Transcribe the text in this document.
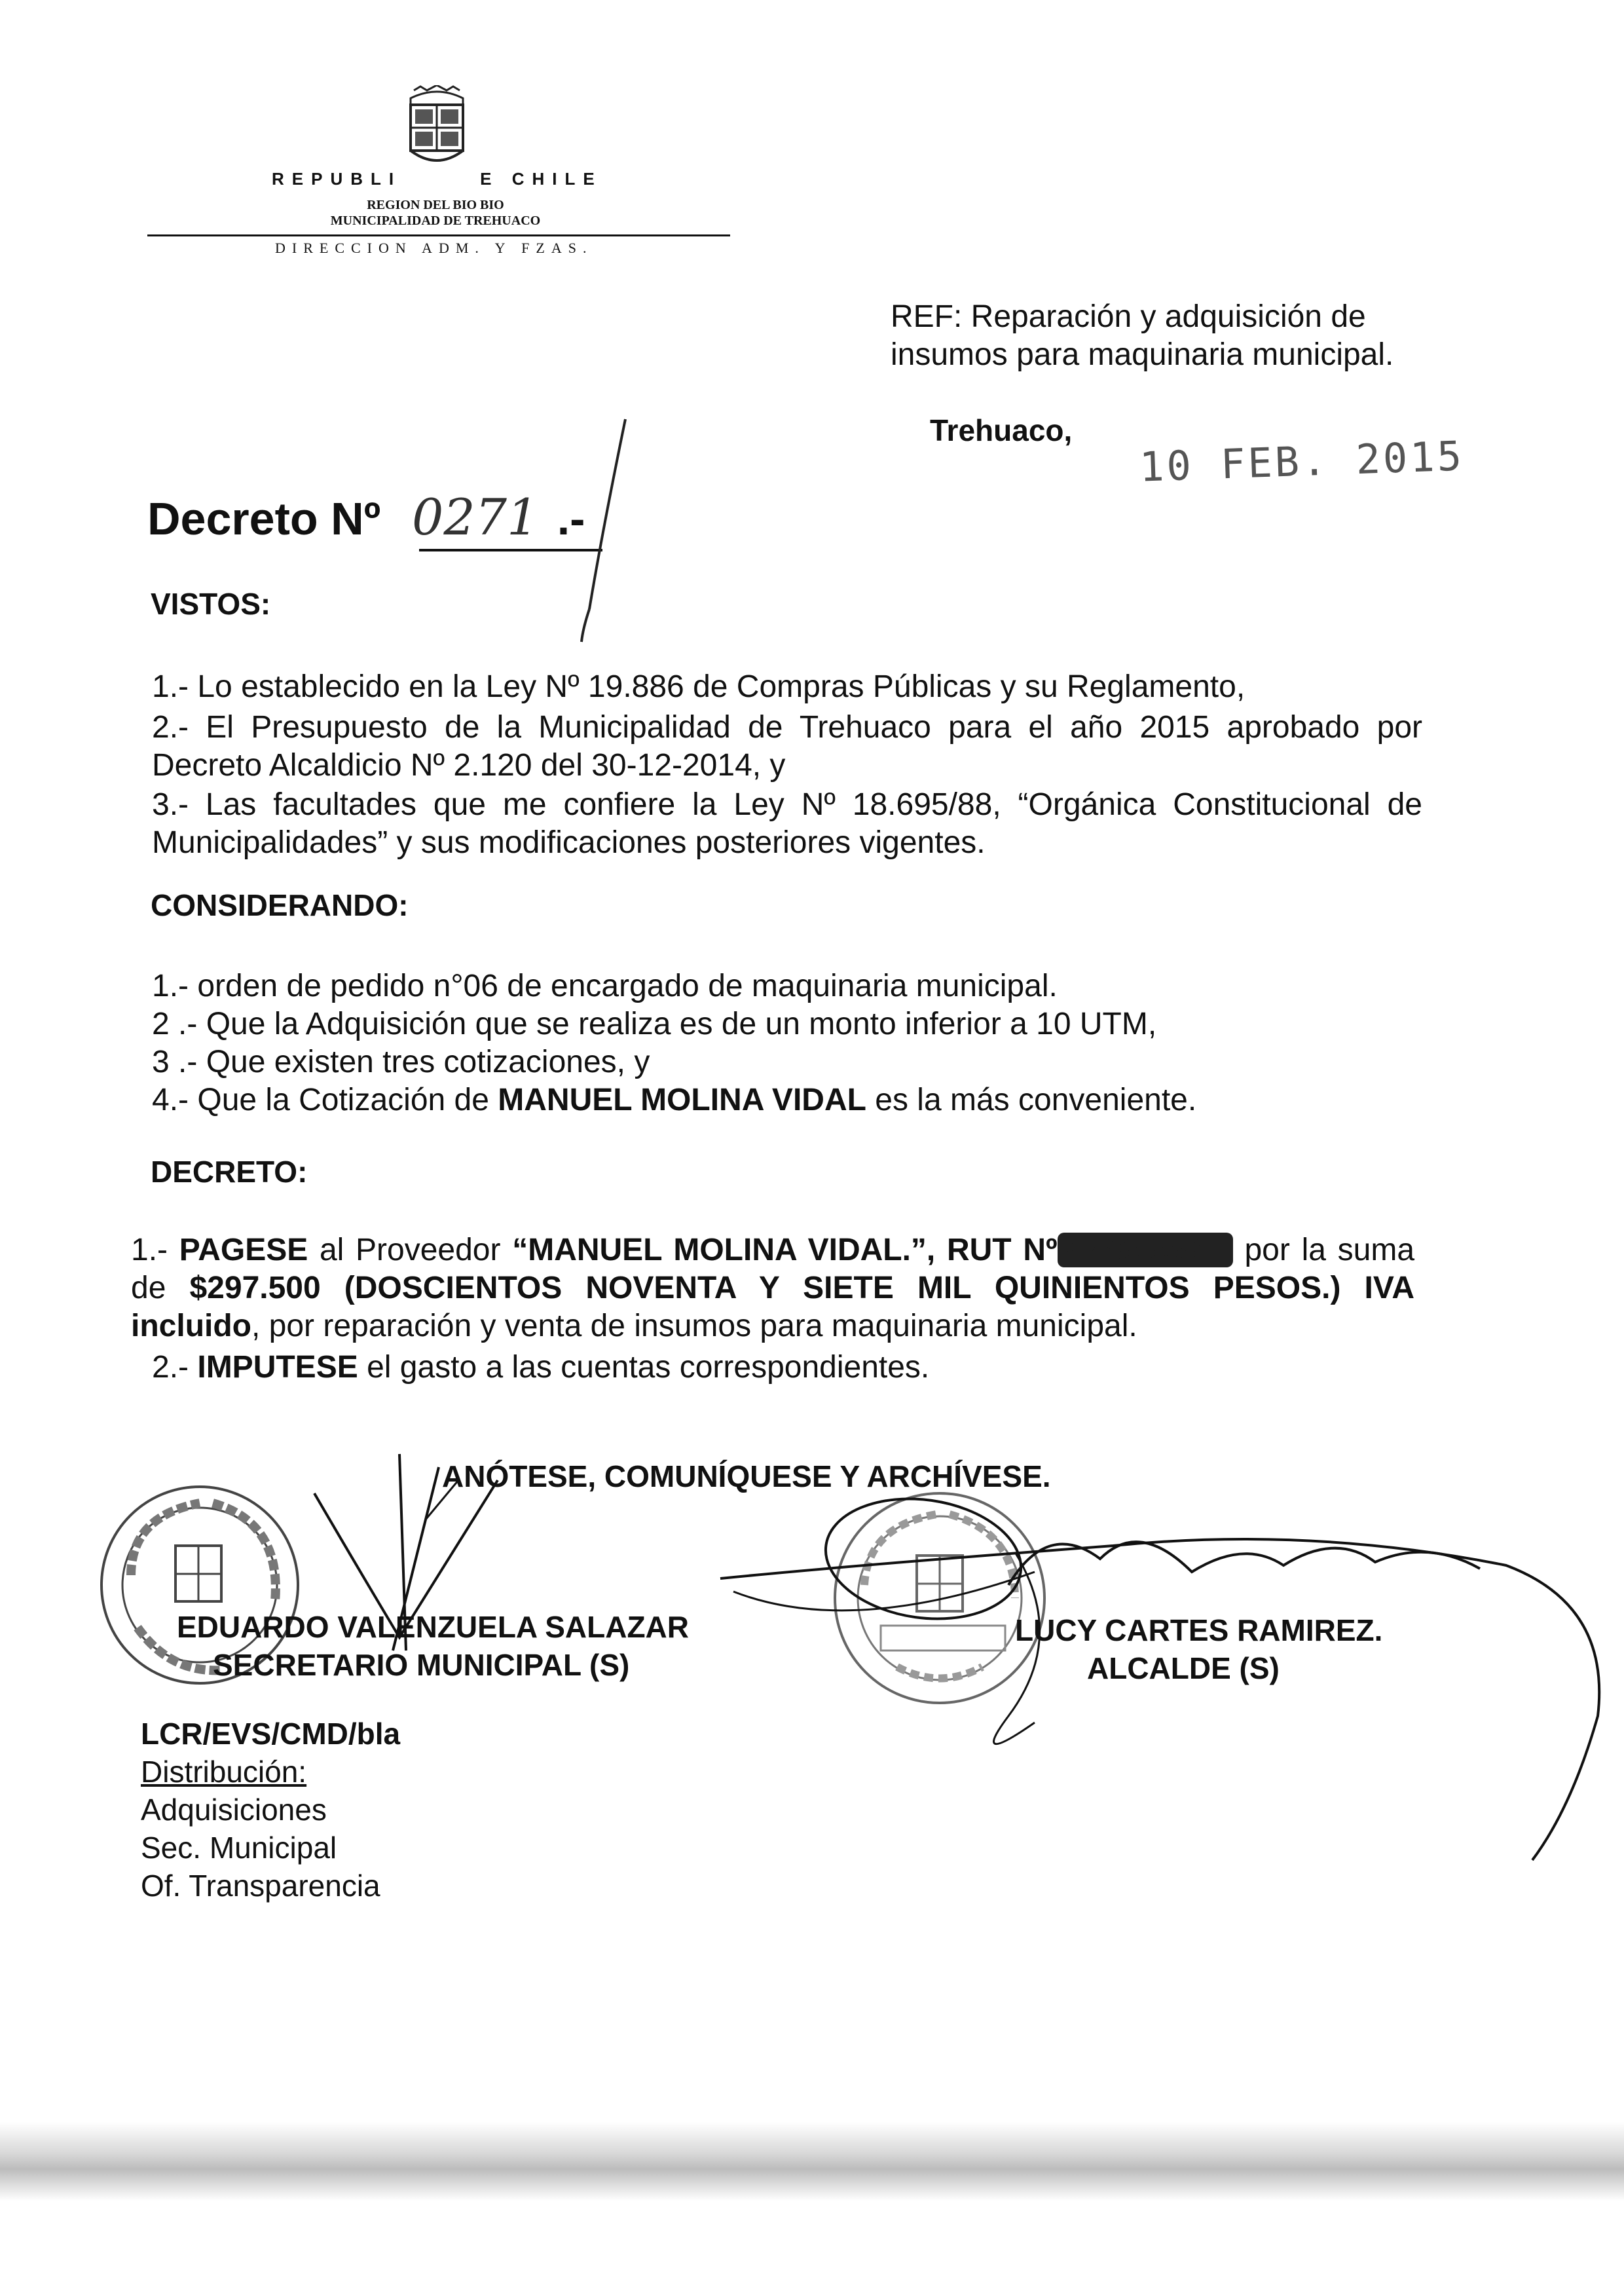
REPUBLI	E CHILE
REGION DEL BIO BIO
MUNICIPALIDAD DE TREHUACO
DIRECCION ADM. Y FZAS.
REF: Reparación y adquisición de
insumos para maquinaria municipal.
Trehuaco,
10 FEB. 2015
Decreto Nº 0271 .-
VISTOS:
1.- Lo establecido en la Ley Nº 19.886 de Compras Públicas y su Reglamento,
2.- El Presupuesto de la Municipalidad de Trehuaco para el año 2015 aprobado por Decreto Alcaldicio Nº 2.120 del 30-12-2014, y
3.- Las facultades que me confiere la Ley Nº 18.695/88, “Orgánica Constitucional de Municipalidades” y sus modificaciones posteriores vigentes.
CONSIDERANDO:
1.- orden de pedido n°06 de encargado de maquinaria municipal.
2 .- Que la Adquisición que se realiza es de un monto inferior a 10 UTM,
3 .- Que existen tres cotizaciones, y
4.- Que la Cotización de MANUEL MOLINA VIDAL es la más conveniente.
DECRETO:
1.- PAGESE al Proveedor “MANUEL MOLINA VIDAL.”, RUT Nº 7.486.658-1 por la suma de $297.500 (DOSCIENTOS NOVENTA Y SIETE MIL QUINIENTOS PESOS.) IVA incluido, por reparación y venta de insumos para maquinaria municipal.
2.- IMPUTESE el gasto a las cuentas correspondientes.
ANÓTESE, COMUNÍQUESE Y ARCHÍVESE.
EDUARDO VALENZUELA SALAZAR
SECRETARIO MUNICIPAL (S)
LUCY CARTES RAMIREZ.
ALCALDE (S)
LCR/EVS/CMD/bla
Distribución:
Adquisiciones
Sec. Municipal
Of. Transparencia
